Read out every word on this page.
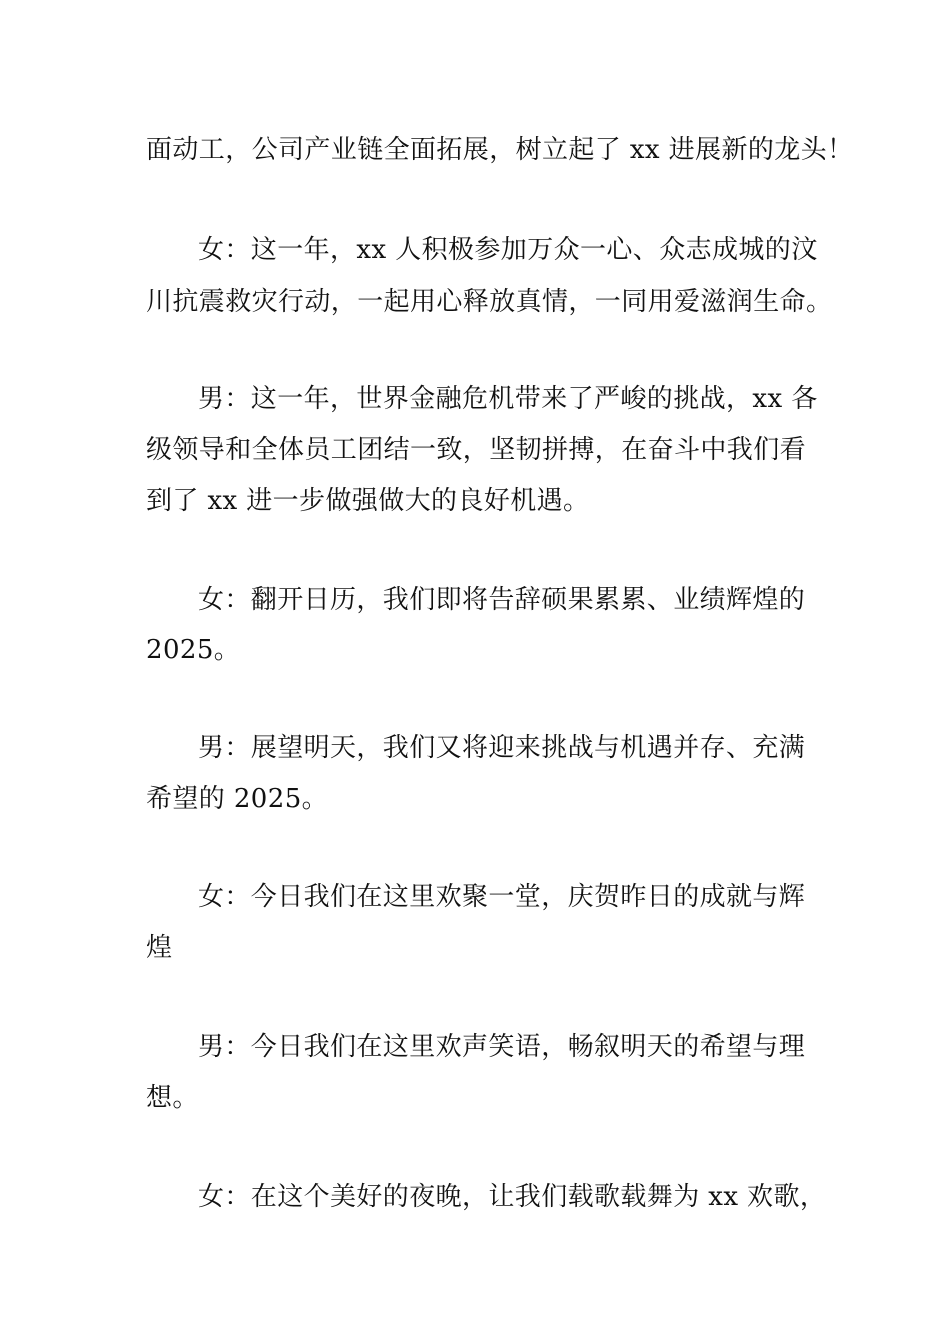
面动工，公司产业链全面拓展，树立起了 xx 进展新的龙头！
女：这一年，xx 人积极参加万众一心、众志成城的汶
川抗震救灾行动，一起用心释放真情，一同用爱滋润生命。
男：这一年，世界金融危机带来了严峻的挑战，xx 各
级领导和全体员工团结一致，坚韧拼搏，在奋斗中我们看
到了 xx 进一步做强做大的良好机遇。
女：翻开日历，我们即将告辞硕果累累、业绩辉煌的
2025。
男：展望明天，我们又将迎来挑战与机遇并存、充满
希望的 2025。
女：今日我们在这里欢聚一堂，庆贺昨日的成就与辉
煌
男：今日我们在这里欢声笑语，畅叙明天的希望与理
想。
女：在这个美好的夜晚，让我们载歌载舞为 xx 欢歌，
